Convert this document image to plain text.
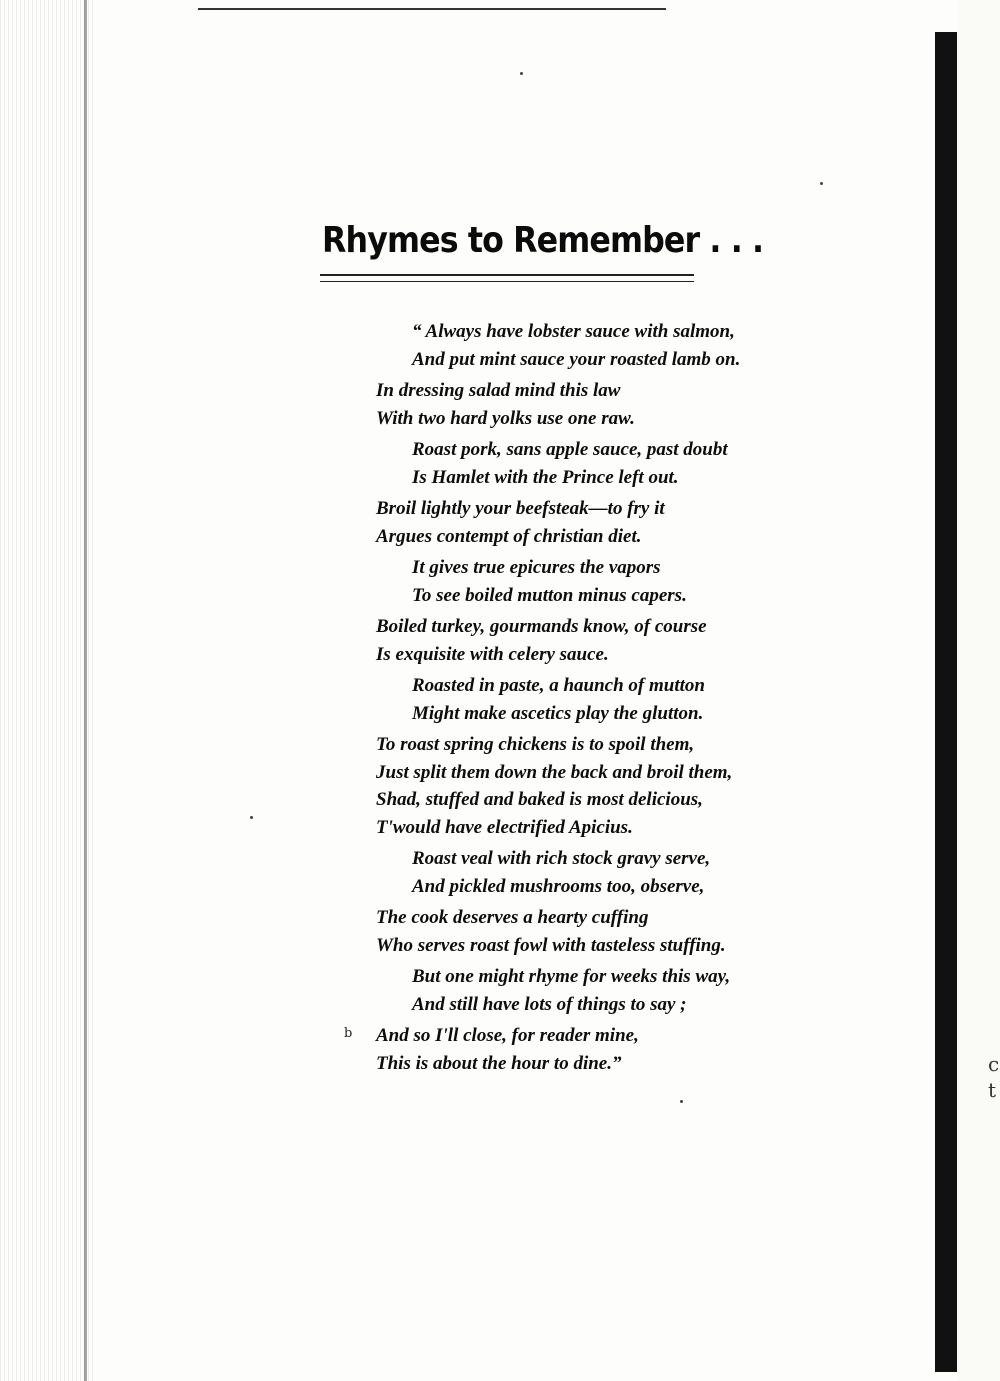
c
t
Rhymes to Remember . . .
“ Always have lobster sauce with salmon,
And put mint sauce your roasted lamb on.
In dressing salad mind this law
With two hard yolks use one raw.
Roast pork, sans apple sauce, past doubt
Is Hamlet with the Prince left out.
Broil lightly your beefsteak—to fry it
Argues contempt of christian diet.
It gives true epicures the vapors
To see boiled mutton minus capers.
Boiled turkey, gourmands know, of course
Is exquisite with celery sauce.
Roasted in paste, a haunch of mutton
Might make ascetics play the glutton.
To roast spring chickens is to spoil them,
Just split them down the back and broil them,
Shad, stuffed and baked is most delicious,
T'would have electrified Apicius.
Roast veal with rich stock gravy serve,
And pickled mushrooms too, observe,
The cook deserves a hearty cuffing
Who serves roast fowl with tasteless stuffing.
But one might rhyme for weeks this way,
And still have lots of things to say ;
And so I'll close, for reader mine,
This is about the hour to dine.”
b
